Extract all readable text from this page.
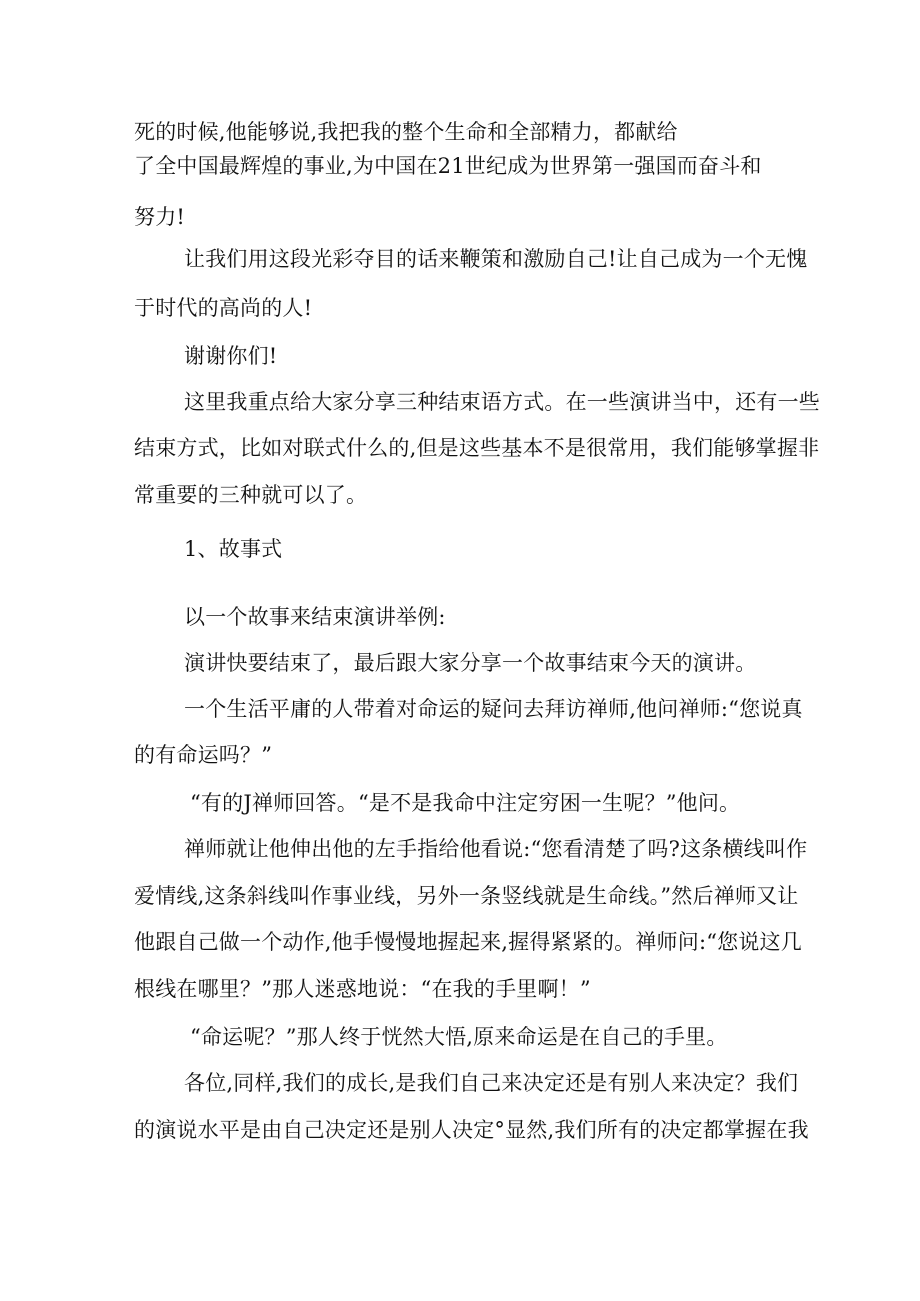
死的时候,他能够说,我把我的整个生命和全部精力，都献给
了全中国最辉煌的事业,为中国在21世纪成为世界第一强国而奋斗和
努力!
让我们用这段光彩夺目的话来鞭策和激励自己!让自己成为一个无愧
于时代的高尚的人!
谢谢你们!
这里我重点给大家分享三种结束语方式。在一些演讲当中，还有一些
结束方式，比如对联式什么的,但是这些基本不是很常用，我们能够掌握非
常重要的三种就可以了。
1、故事式
以一个故事来结束演讲举例:
演讲快要结束了，最后跟大家分享一个故事结束今天的演讲。
一个生活平庸的人带着对命运的疑问去拜访禅师,他问禅师:“您说真
的有命运吗？”
“有的J禅师回答。“是不是我命中注定穷困一生呢？”他问。
禅师就让他伸出他的左手指给他看说:“您看清楚了吗?这条横线叫作
爱情线,这条斜线叫作事业线，另外一条竖线就是生命线。”然后禅师又让
他跟自己做一个动作,他手慢慢地握起来,握得紧紧的。禅师问:“您说这几
根线在哪里？”那人迷惑地说：“在我的手里啊！”
“命运呢？”那人终于恍然大悟,原来命运是在自己的手里。
各位,同样,我们的成长,是我们自己来决定还是有别人来决定？我们
的演说水平是由自己决定还是别人决定°显然,我们所有的决定都掌握在我
